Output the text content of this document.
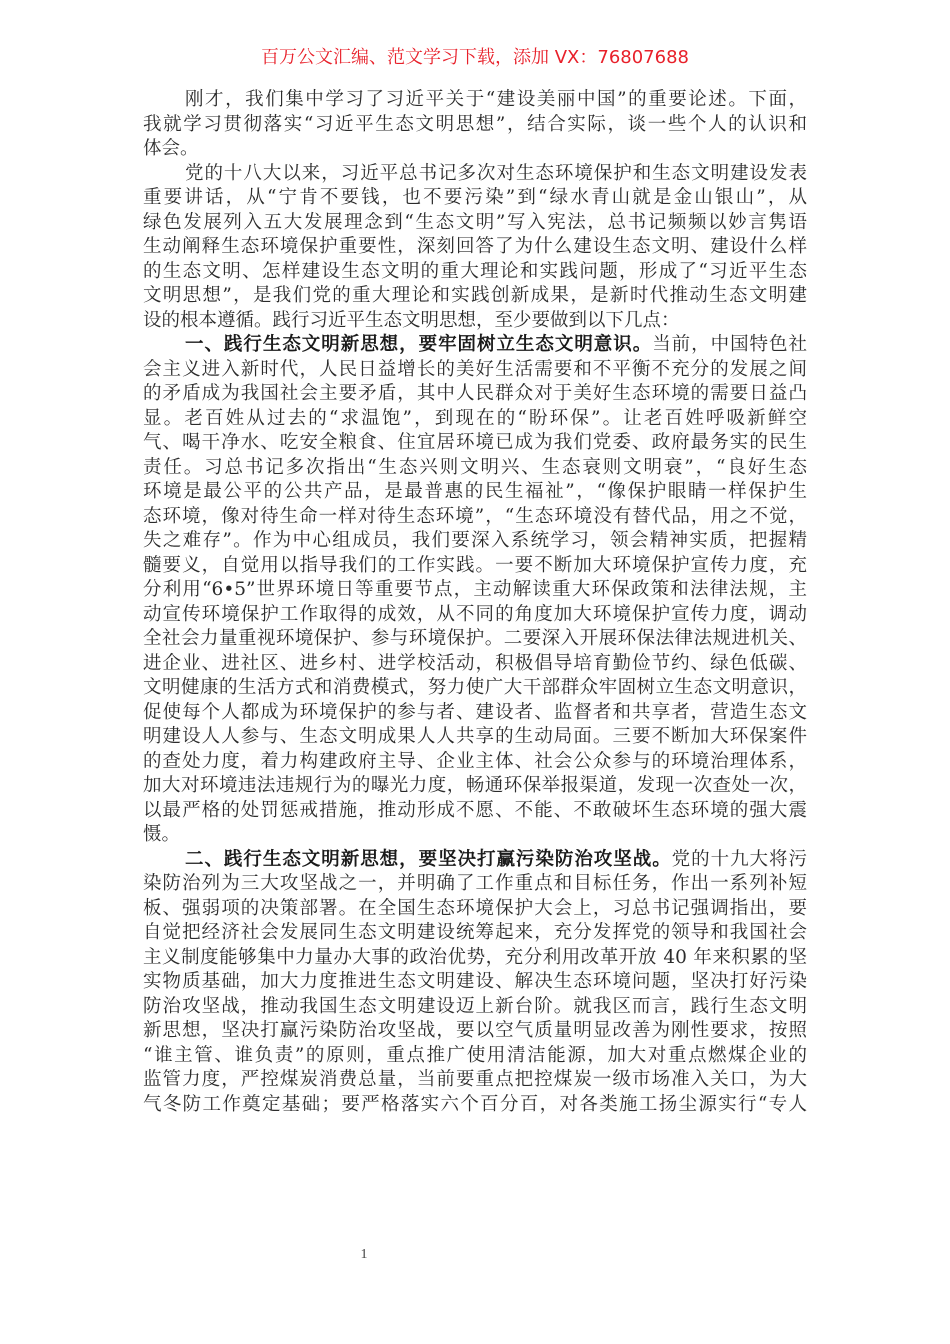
百万公文汇编、范文学习下载，添加 VX：76807688
刚才，我们集中学习了习近平关于“建设美丽中国”的重要论述。下面，
我就学习贯彻落实“习近平生态文明思想”，结合实际，谈一些个人的认识和
体会。
党的十八大以来，习近平总书记多次对生态环境保护和生态文明建设发表
重要讲话，从“宁肯不要钱，也不要污染”到“绿水青山就是金山银山”，从
绿色发展列入五大发展理念到“生态文明”写入宪法，总书记频频以妙言隽语
生动阐释生态环境保护重要性，深刻回答了为什么建设生态文明、建设什么样
的生态文明、怎样建设生态文明的重大理论和实践问题，形成了“习近平生态
文明思想”，是我们党的重大理论和实践创新成果，是新时代推动生态文明建
设的根本遵循。践行习近平生态文明思想，至少要做到以下几点：
一、践行生态文明新思想，要牢固树立生态文明意识。当前，中国特色社
会主义进入新时代，人民日益增长的美好生活需要和不平衡不充分的发展之间
的矛盾成为我国社会主要矛盾，其中人民群众对于美好生态环境的需要日益凸
显。老百姓从过去的“求温饱”，到现在的“盼环保”。让老百姓呼吸新鲜空
气、喝干净水、吃安全粮食、住宜居环境已成为我们党委、政府最务实的民生
责任。习总书记多次指出“生态兴则文明兴、生态衰则文明衰”，“良好生态
环境是最公平的公共产品，是最普惠的民生福祉”，“像保护眼睛一样保护生
态环境，像对待生命一样对待生态环境”，“生态环境没有替代品，用之不觉，
失之难存”。作为中心组成员，我们要深入系统学习，领会精神实质，把握精
髓要义，自觉用以指导我们的工作实践。一要不断加大环境保护宣传力度，充
分利用“6•5”世界环境日等重要节点，主动解读重大环保政策和法律法规，主
动宣传环境保护工作取得的成效，从不同的角度加大环境保护宣传力度，调动
全社会力量重视环境保护、参与环境保护。二要深入开展环保法律法规进机关、
进企业、进社区、进乡村、进学校活动，积极倡导培育勤俭节约、绿色低碳、
文明健康的生活方式和消费模式，努力使广大干部群众牢固树立生态文明意识，
促使每个人都成为环境保护的参与者、建设者、监督者和共享者，营造生态文
明建设人人参与、生态文明成果人人共享的生动局面。三要不断加大环保案件
的查处力度，着力构建政府主导、企业主体、社会公众参与的环境治理体系，
加大对环境违法违规行为的曝光力度，畅通环保举报渠道，发现一次查处一次，
以最严格的处罚惩戒措施，推动形成不愿、不能、不敢破坏生态环境的强大震
慑。
二、践行生态文明新思想，要坚决打赢污染防治攻坚战。党的十九大将污
染防治列为三大攻坚战之一，并明确了工作重点和目标任务，作出一系列补短
板、强弱项的决策部署。在全国生态环境保护大会上，习总书记强调指出，要
自觉把经济社会发展同生态文明建设统筹起来，充分发挥党的领导和我国社会
主义制度能够集中力量办大事的政治优势，充分利用改革开放 40 年来积累的坚
实物质基础，加大力度推进生态文明建设、解决生态环境问题，坚决打好污染
防治攻坚战，推动我国生态文明建设迈上新台阶。就我区而言，践行生态文明
新思想，坚决打赢污染防治攻坚战，要以空气质量明显改善为刚性要求，按照
“谁主管、谁负责”的原则，重点推广使用清洁能源，加大对重点燃煤企业的
监管力度，严控煤炭消费总量，当前要重点把控煤炭一级市场准入关口，为大
气冬防工作奠定基础；要严格落实六个百分百，对各类施工扬尘源实行“专人
1
